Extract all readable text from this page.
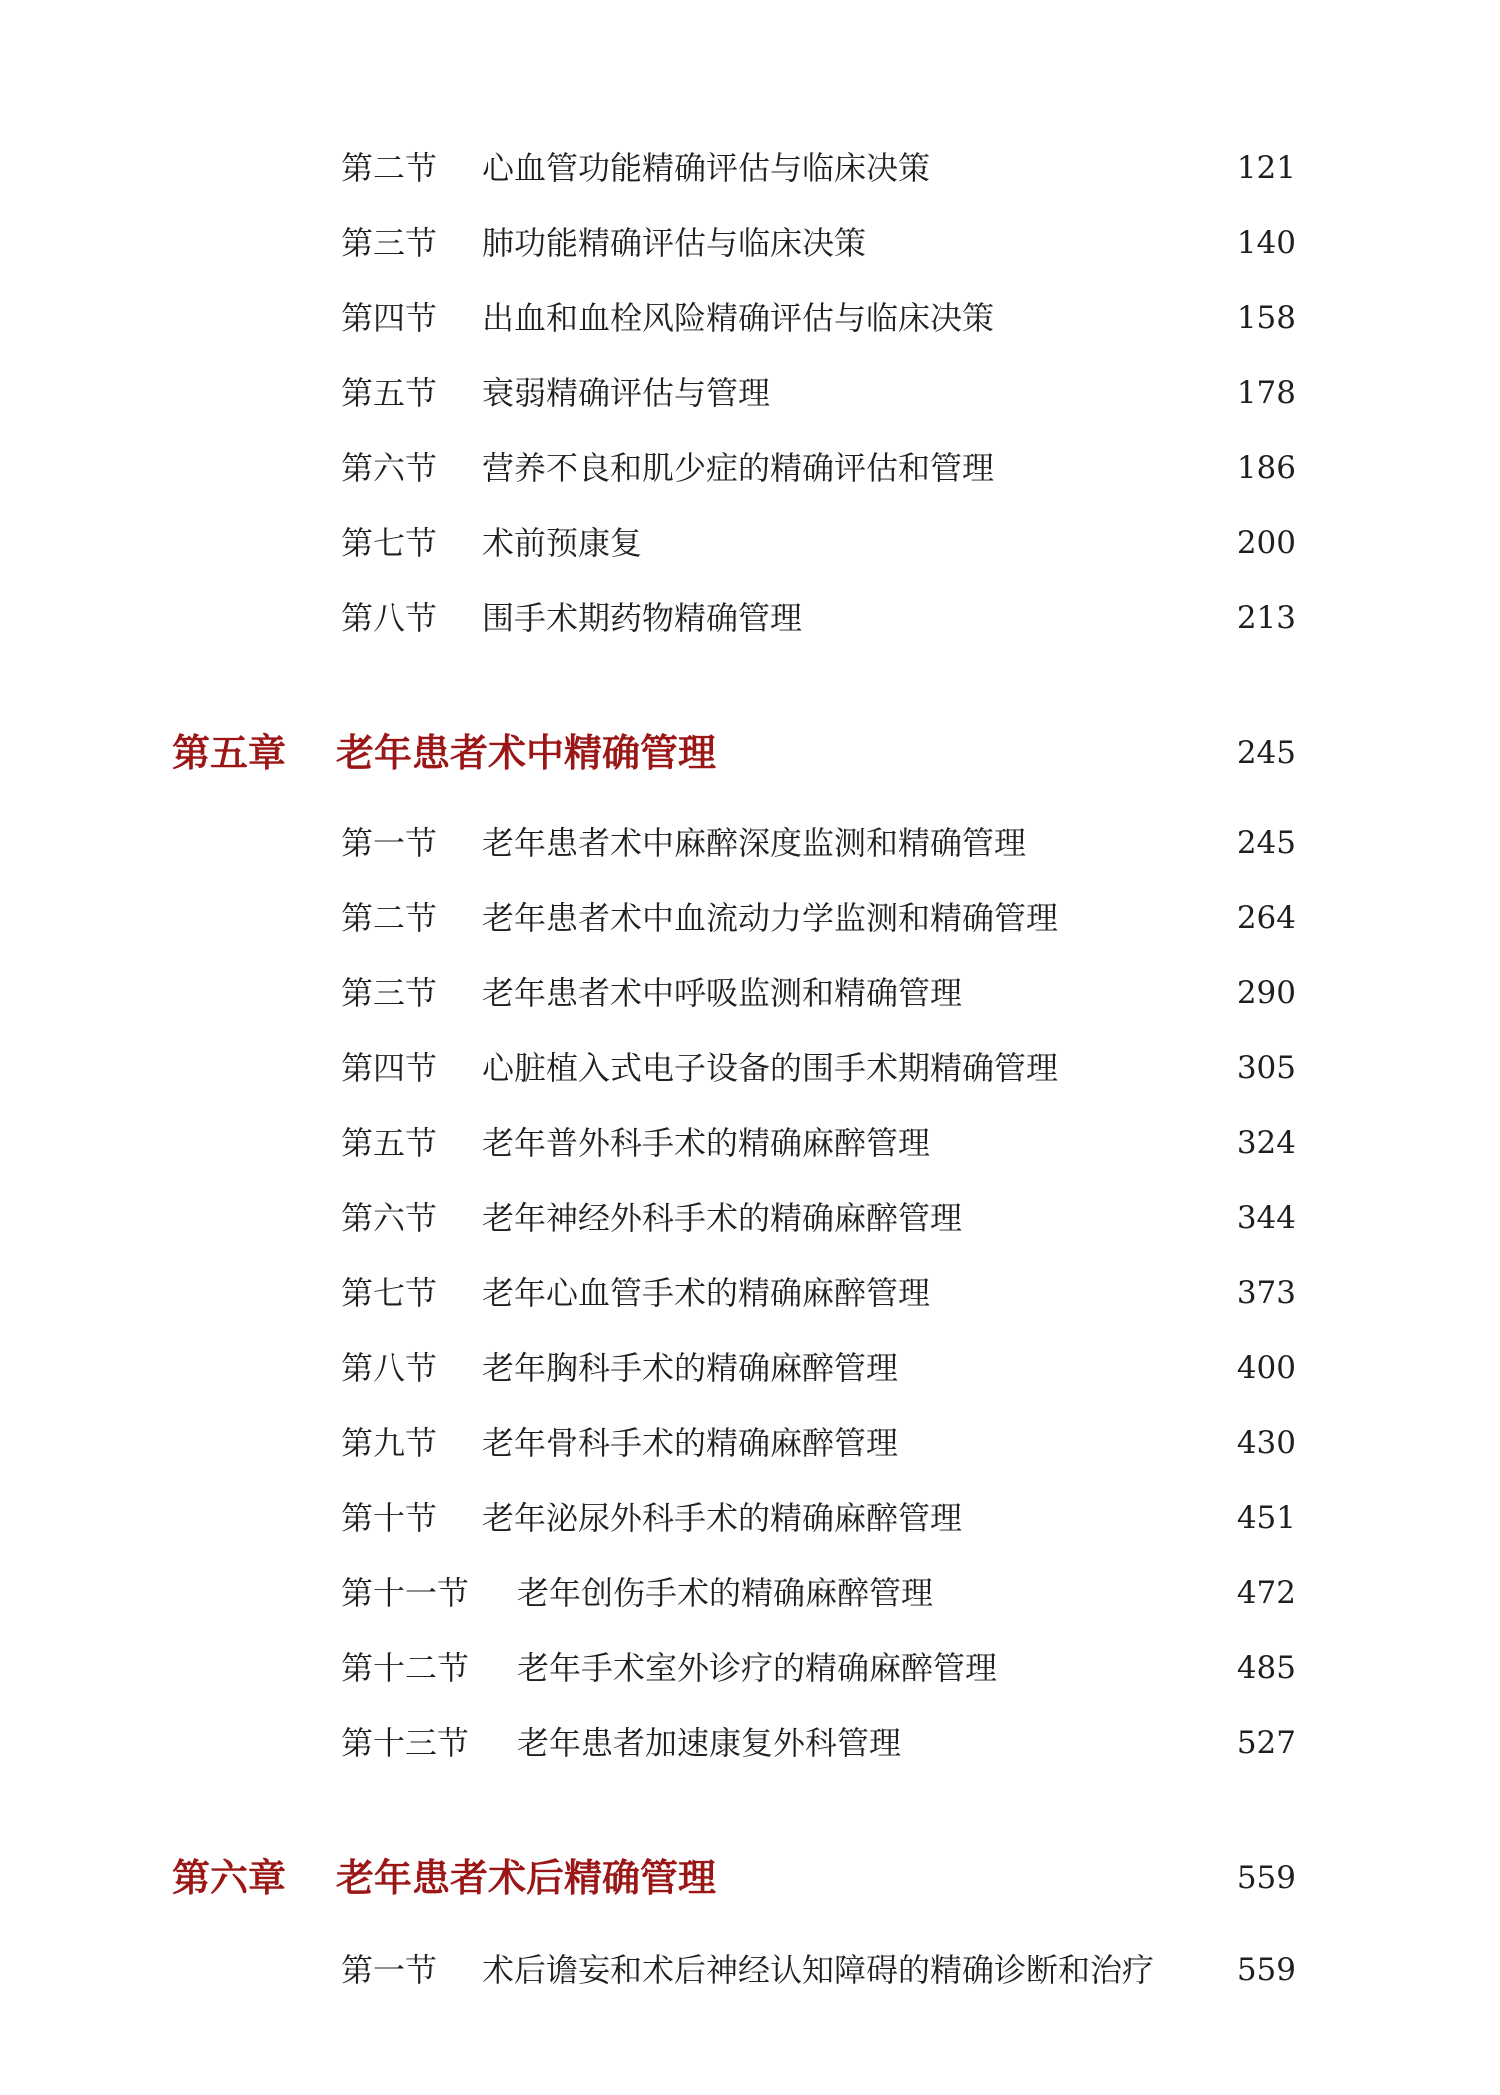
第二节 心血管功能精确评估与临床决策	121
第三节 肺功能精确评估与临床决策	140
第四节 出血和血栓风险精确评估与临床决策	158
第五节 衰弱精确评估与管理	178
第六节 营养不良和肌少症的精确评估和管理	186
第七节 术前预康复	200
第八节 围手术期药物精确管理	213
第五章 老年患者术中精确管理	245
第一节 老年患者术中麻醉深度监测和精确管理	245
第二节 老年患者术中血流动力学监测和精确管理	264
第三节 老年患者术中呼吸监测和精确管理	290
第四节 心脏植入式电子设备的围手术期精确管理	305
第五节 老年普外科手术的精确麻醉管理	324
第六节 老年神经外科手术的精确麻醉管理	344
第七节 老年心血管手术的精确麻醉管理	373
第八节 老年胸科手术的精确麻醉管理	400
第九节 老年骨科手术的精确麻醉管理	430
第十节 老年泌尿外科手术的精确麻醉管理	451
第十一节 老年创伤手术的精确麻醉管理	472
第十二节 老年手术室外诊疗的精确麻醉管理	485
第十三节 老年患者加速康复外科管理	527
第六章 老年患者术后精确管理	559
第一节 术后谵妄和术后神经认知障碍的精确诊断和治疗	559
